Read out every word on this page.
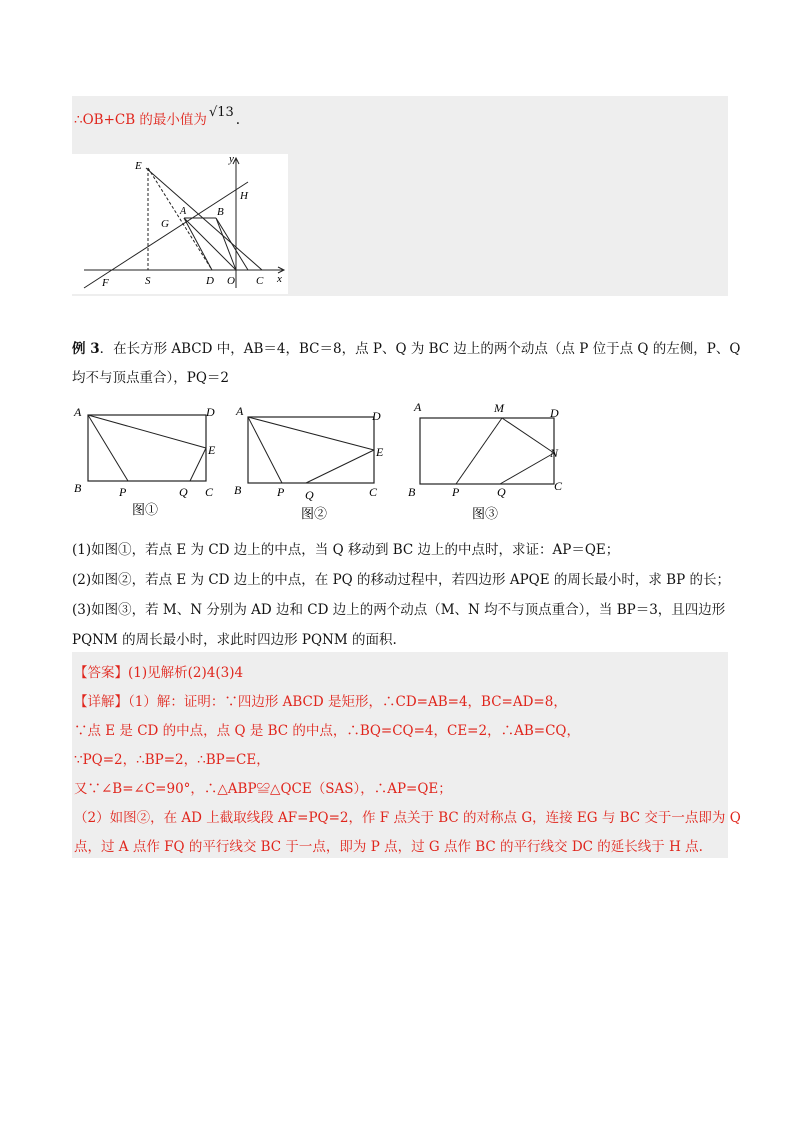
∴OB+CB 的最小值为 √13 .
y
x
E
H
G
A	B
F	S	D O C
例 3．在长方形 ABCD 中，AB＝4，BC＝8，点 P、Q 为 BC 边上的两个动点（点 P 位于点 Q 的左侧，P、Q
均不与顶点重合），PQ＝2
A	D
E
B	P	Q C
图①
A	D
E
B	P Q	C
图②
A	M	D
N
B	P	Q	C
图③
(1)如图①，若点 E 为 CD 边上的中点，当 Q 移动到 BC 边上的中点时，求证：AP＝QE；
(2)如图②，若点 E 为 CD 边上的中点，在 PQ 的移动过程中，若四边形 APQE 的周长最小时，求 BP 的长；
(3)如图③，若 M、N 分别为 AD 边和 CD 边上的两个动点（M、N 均不与顶点重合），当 BP＝3，且四边形
PQNM 的周长最小时，求此时四边形 PQNM 的面积.
【答案】(1)见解析(2)4(3)4
【详解】（1）解：证明：∵四边形 ABCD 是矩形，∴CD=AB=4，BC=AD=8，
∵点 E 是 CD 的中点，点 Q 是 BC 的中点，∴BQ=CQ=4，CE=2，∴AB=CQ，
∵PQ=2，∴BP=2，∴BP=CE，
又∵∠B=∠C=90°，∴△ABP≌△QCE（SAS），∴AP=QE；
（2）如图②，在 AD 上截取线段 AF=PQ=2，作 F 点关于 BC 的对称点 G，连接 EG 与 BC 交于一点即为 Q
点，过 A 点作 FQ 的平行线交 BC 于一点，即为 P 点，过 G 点作 BC 的平行线交 DC 的延长线于 H 点.
